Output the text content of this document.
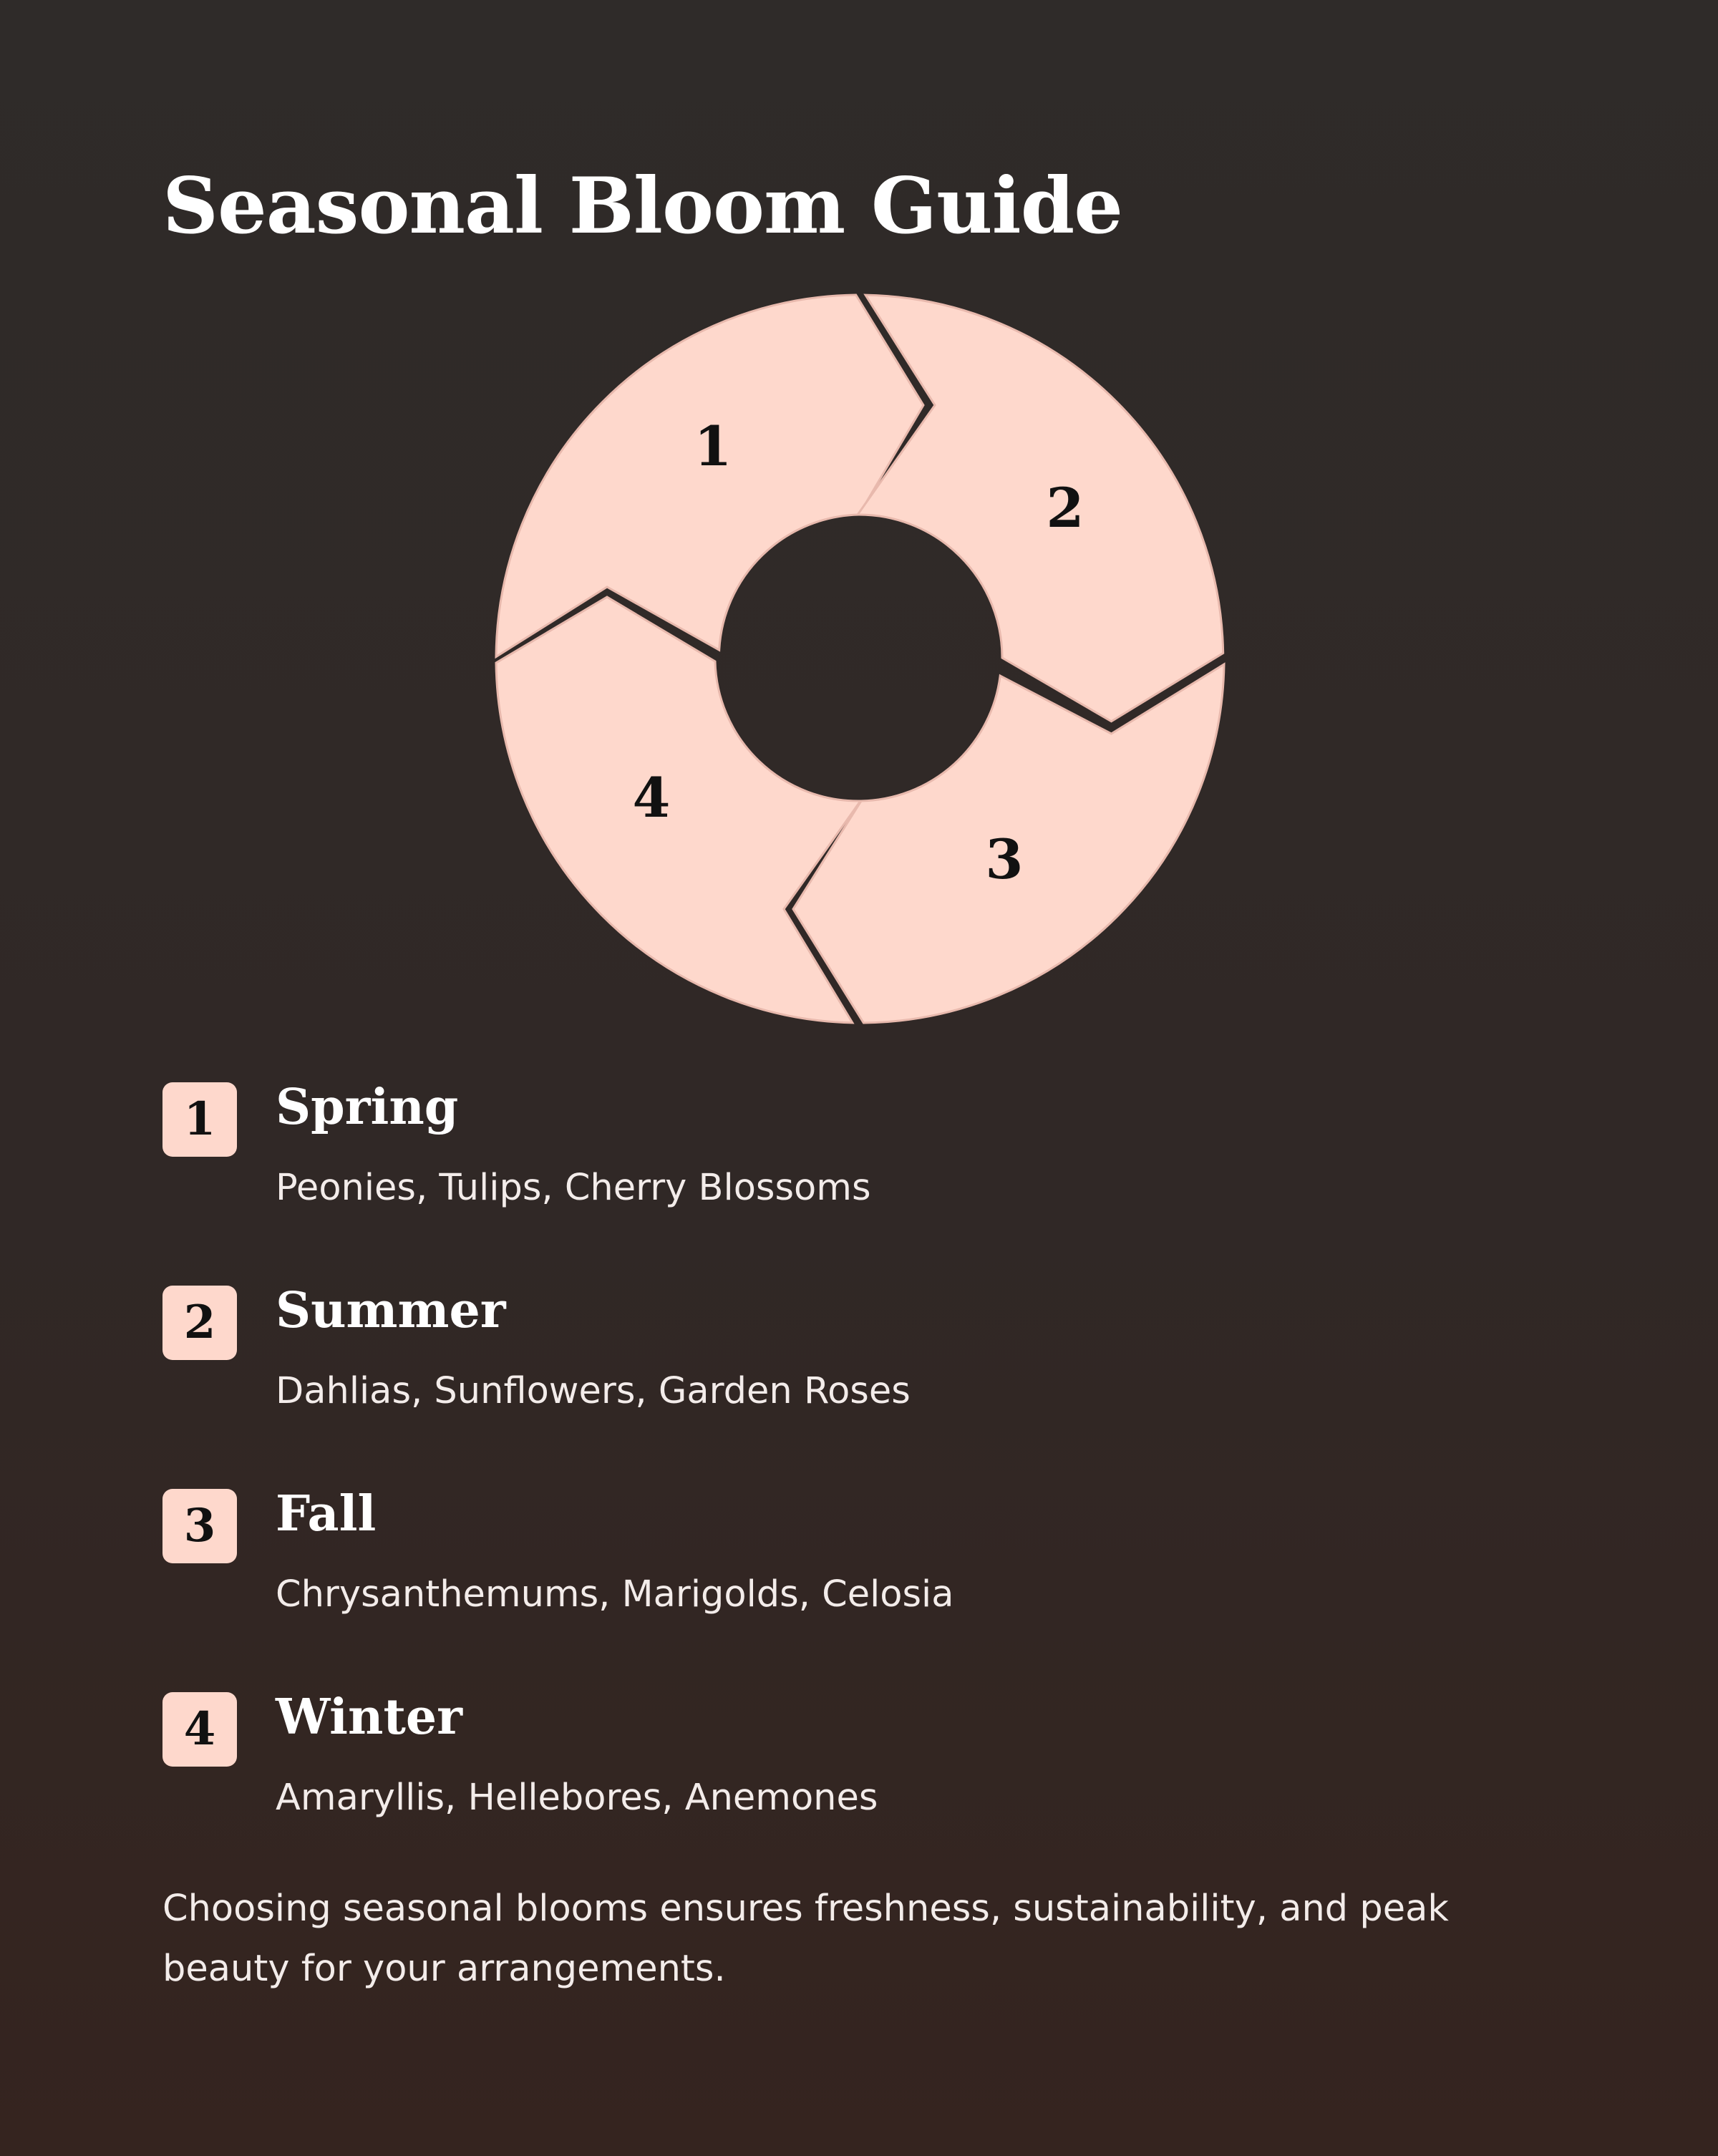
Seasonal Bloom Guide
1
2
3
4
1	Spring
Peonies, Tulips, Cherry Blossoms
2	Summer
Dahlias, Sunflowers, Garden Roses
3	Fall
Chrysanthemums, Marigolds, Celosia
4	Winter
Amaryllis, Hellebores, Anemones

Choosing seasonal blooms ensures freshness, sustainability, and peak beauty for your arrangements.
